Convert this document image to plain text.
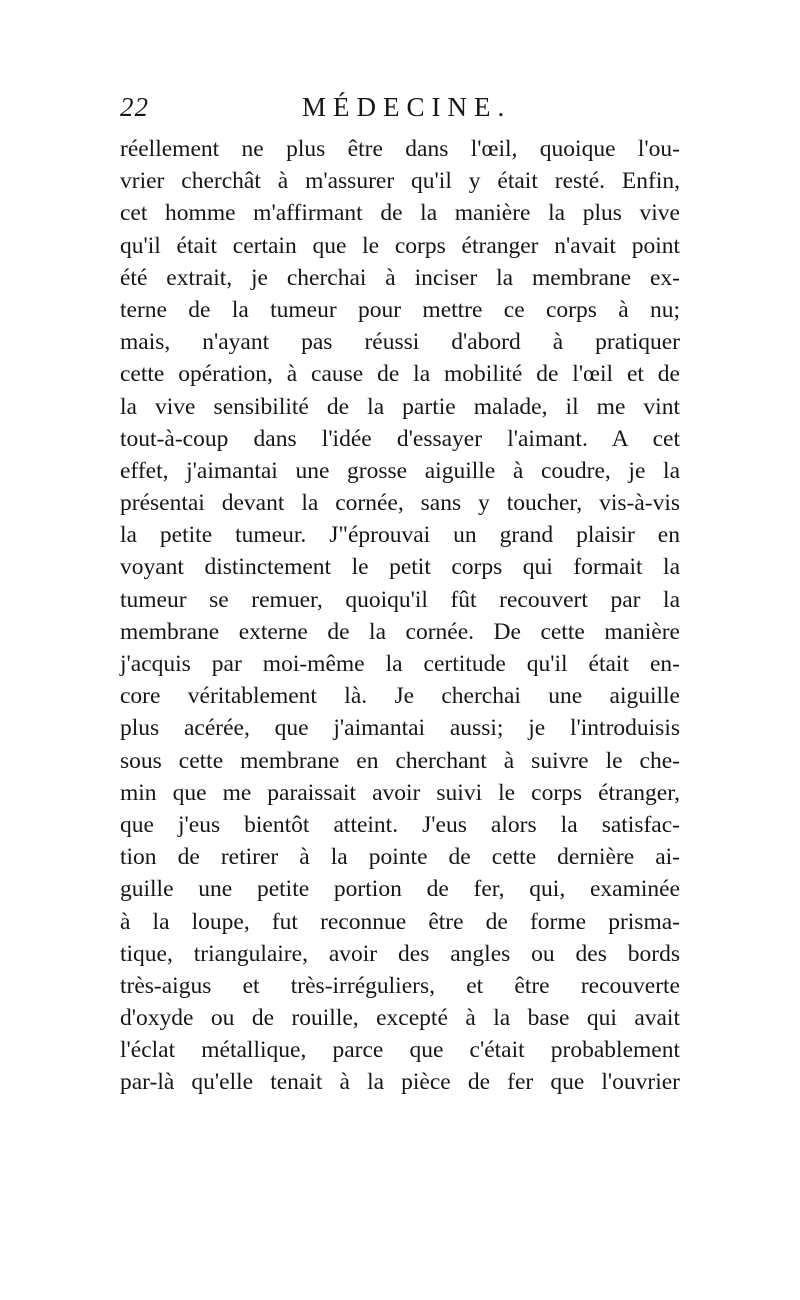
22	MÉDECINE.
réellement ne plus être dans l'œil, quoique l'ou-
vrier cherchât à m'assurer qu'il y était resté. Enfin,
cet homme m'affirmant de la manière la plus vive
qu'il était certain que le corps étranger n'avait point
été extrait, je cherchai à inciser la membrane ex-
terne de la tumeur pour mettre ce corps à nu;
mais, n'ayant pas réussi d'abord à pratiquer
cette opération, à cause de la mobilité de l'œil et de
la vive sensibilité de la partie malade, il me vint
tout-à-coup dans l'idée d'essayer l'aimant. A cet
effet, j'aimantai une grosse aiguille à coudre, je la
présentai devant la cornée, sans y toucher, vis-à-vis
la petite tumeur. J"éprouvai un grand plaisir en
voyant distinctement le petit corps qui formait la
tumeur se remuer, quoiqu'il fût recouvert par la
membrane externe de la cornée. De cette manière
j'acquis par moi-même la certitude qu'il était en-
core véritablement là. Je cherchai une aiguille
plus acérée, que j'aimantai aussi; je l'introduisis
sous cette membrane en cherchant à suivre le che-
min que me paraissait avoir suivi le corps étranger,
que j'eus bientôt atteint. J'eus alors la satisfac-
tion de retirer à la pointe de cette dernière ai-
guille une petite portion de fer, qui, examinée
à la loupe, fut reconnue être de forme prisma-
tique, triangulaire, avoir des angles ou des bords
très-aigus et très-irréguliers, et être recouverte
d'oxyde ou de rouille, excepté à la base qui avait
l'éclat métallique, parce que c'était probablement
par-là qu'elle tenait à la pièce de fer que l'ouvrier
